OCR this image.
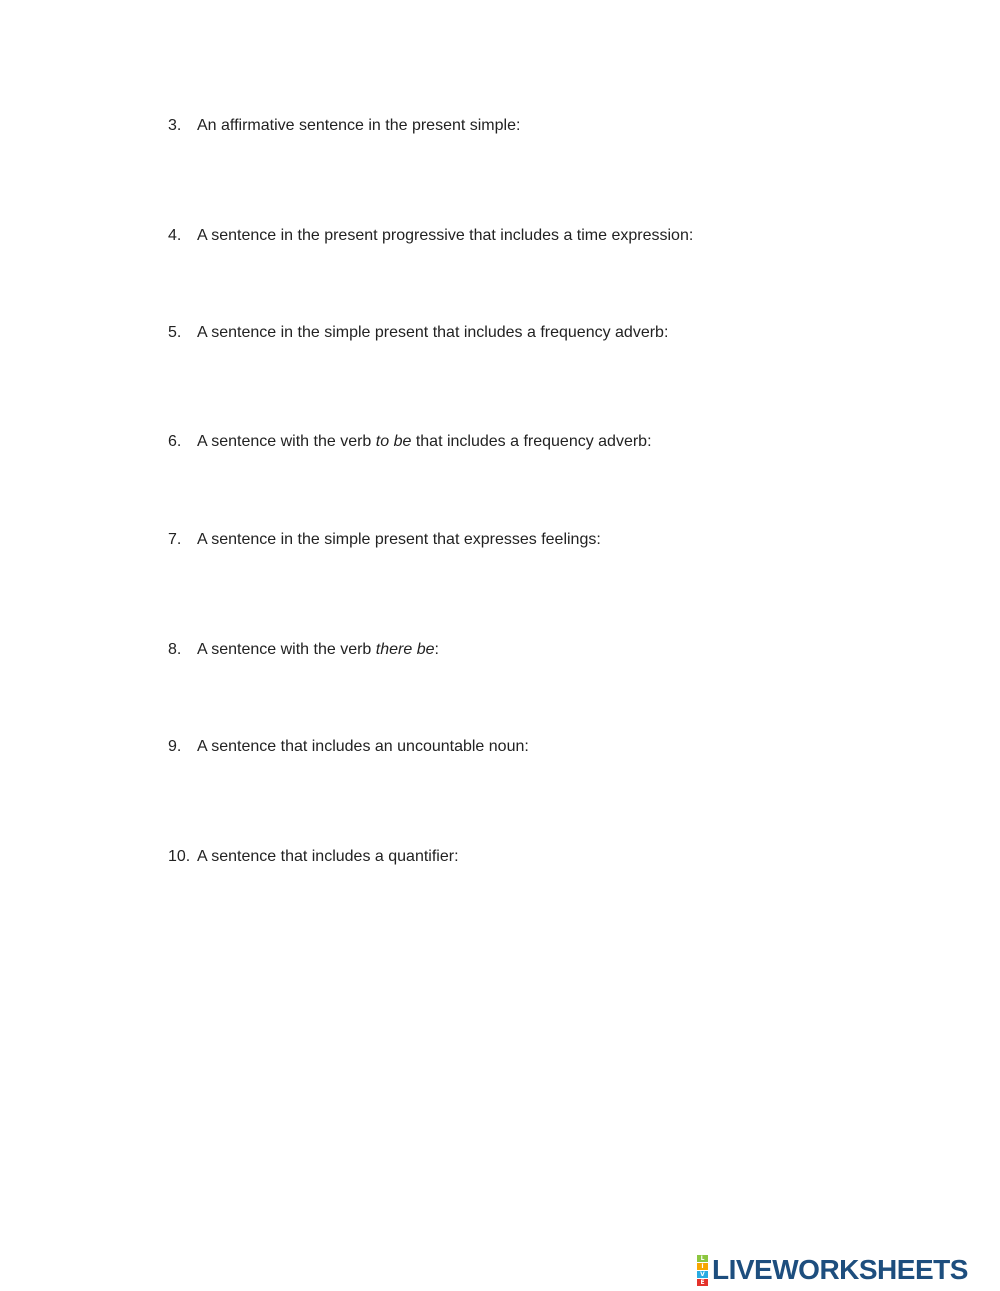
3. An affirmative sentence in the present simple:
4. A sentence in the present progressive that includes a time expression:
5. A sentence in the simple present that includes a frequency adverb:
6. A sentence with the verb to be that includes a frequency adverb:
7. A sentence in the simple present that expresses feelings:
8. A sentence with the verb there be:
9. A sentence that includes an uncountable noun:
10. A sentence that includes a quantifier:
L
I
V
E LIVEWORKSHEETS
